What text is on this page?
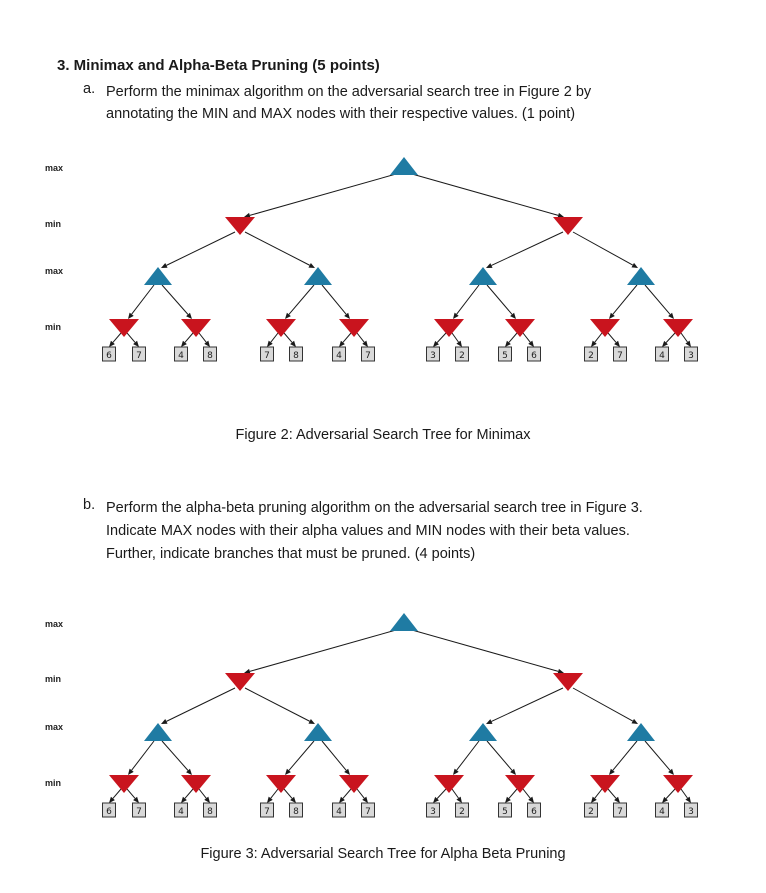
3. Minimax and Alpha-Beta Pruning (5 points)
a. Perform the minimax algorithm on the adversarial search tree in Figure 2 by
annotating the MIN and MAX nodes with their respective values. (1 point)
max
min
max
min
6	7	4	8	7	8	4	7	3	2	5	6	2	7	4	3
Figure 2: Adversarial Search Tree for Minimax
b. Perform the alpha-beta pruning algorithm on the adversarial search tree in Figure 3.
Indicate MAX nodes with their alpha values and MIN nodes with their beta values.
Further, indicate branches that must be pruned. (4 points)
max
min
max
min
6	7	4	8	7	8	4	7	3	2	5	6	2	7	4	3
Figure 3: Adversarial Search Tree for Alpha Beta Pruning
